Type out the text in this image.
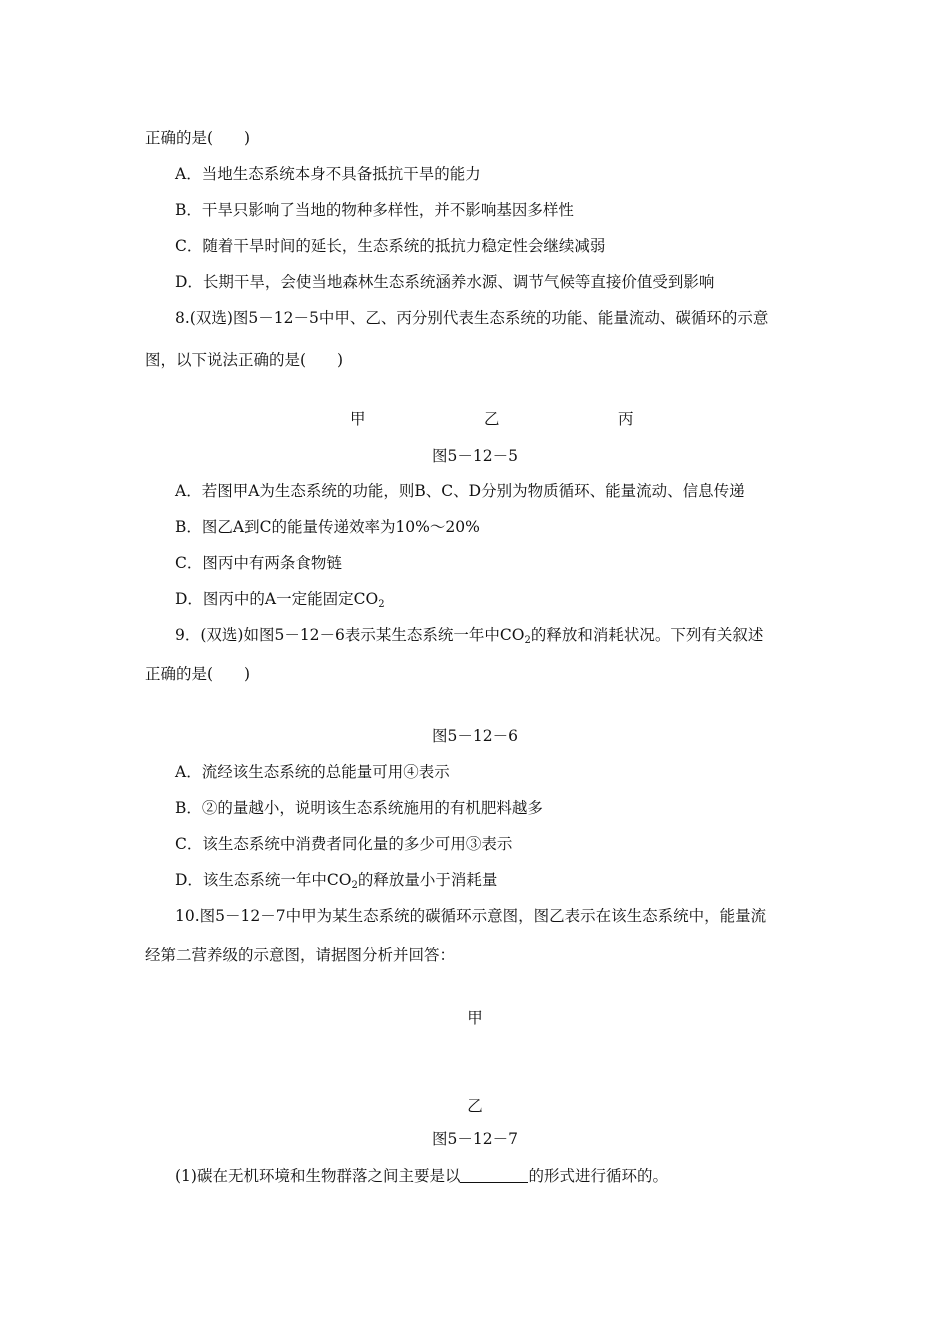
正确的是(　　)
A．当地生态系统本身不具备抵抗干旱的能力
B．干旱只影响了当地的物种多样性，并不影响基因多样性
C．随着干旱时间的延长，生态系统的抵抗力稳定性会继续减弱
D．长期干旱，会使当地森林生态系统涵养水源、调节气候等直接价值受到影响
8.(双选)图5－12－5中甲、乙、丙分别代表生态系统的功能、能量流动、碳循环的示意
图，以下说法正确的是(　　)
甲	乙	丙
图5－12－5
A．若图甲A为生态系统的功能，则B、C、D分别为物质循环、能量流动、信息传递
B．图乙A到C的能量传递效率为10%～20%
C．图丙中有两条食物链
D．图丙中的A一定能固定$CO_2$
9．(双选)如图5－12－6表示某生态系统一年中$CO_2$的释放和消耗状况。下列有关叙述
正确的是(　　)
图5－12－6
A．流经该生态系统的总能量可用④表示
B．②的量越小，说明该生态系统施用的有机肥料越多
C．该生态系统中消费者同化量的多少可用③表示
D．该生态系统一年中$CO_2$的释放量小于消耗量
10.图5－12－7中甲为某生态系统的碳循环示意图，图乙表示在该生态系统中，能量流
经第二营养级的示意图，请据图分析并回答：
甲
乙
图5－12－7
(1)碳在无机环境和生物群落之间主要是以	的形式进行循环的。
